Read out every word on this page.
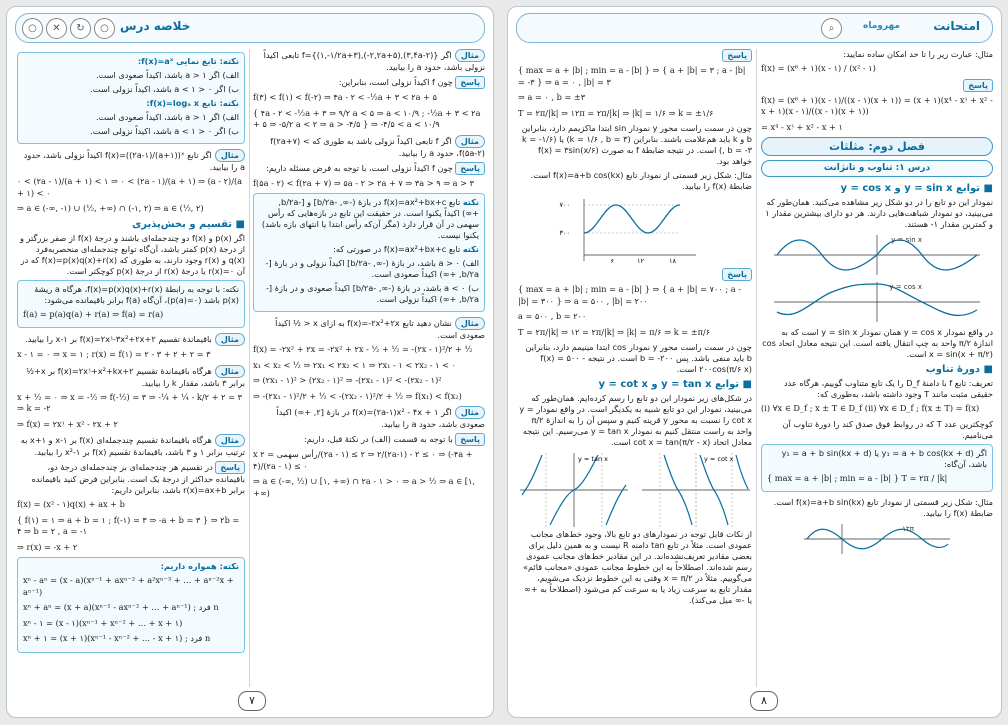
○	✕	↻	○ خلاصه درس

مثالاگر f={(۱,-۱/۲a+۳),(-۲,۲a+۵),(۳,۴a-۲)} تابعی اکیداً نزولی باشد، حدود a را بیابید.

پاسخ چون f اکیداً نزولی است، بنابراین:

f(۳) < f(۱) < f(-۲) ⇒ ۴a - ۲ < -½a + ۳ < ۲a + ۵
{ ۴a - ۲ < -½a + ۳ ⇒ ۹/۲ a < ۵ ⇒ a < ۱۰/۹ ; -½a + ۳ < ۲a + ۵ ⇒ -۵/۲ a < ۲ ⇒ a > -۴/۵ } ⇒ -۴/۵ < a < ۱۰/۹

مثالاگر f تابعی اکیداً نزولی باشد به طوری که f(۲a+۷) < f(۵a-۲)، حدود a را بیابید.

پاسخ چون f اکیداً نزولی است، با توجه به فرض مسئله داریم:

f(۵a - ۲) < f(۲a + ۷) ⇒ ۵a - ۲ > ۲a + ۷ ⇒ ۳a > ۹ ⇒ a > ۳

نکته تابع f(x)=ax²+bx+c در بازهٔ (-∞, -b/۲a] و [-b/۲a, +∞) اکیداً یکنوا است. در حقیقت این تابع در بازه‌هایی که رأس سهمی در آن قرار دارد (مگر آن‌که رأس ابتدا یا انتهای بازه باشد) یکنوا نیست.

نکته تابع f(x)=ax²+bx+c در صورتی که:

الف) a > ۰ باشد، در بازهٔ (-∞, -b/۲a] اکیداً نزولی و در بازهٔ [-b/۲a, +∞) اکیداً صعودی است.

ب) a < ۰ باشد، در بازهٔ (-∞, -b/۲a] اکیداً صعودی و در بازهٔ [-b/۲a, +∞) اکیداً نزولی است.

مثالنشان دهید تابع f(x)=-۲x²+۲x به ازای x < ½ اکیداً صعودی است.

f(x) = -۲x² + ۲x = -۲x² + ۲x - ½ + ½ = -(۲x - ۱)²/۲ + ½
x₁ < x₂ < ½ ⇒ ۲x₁ < ۲x₂ < ۱ ⇒ ۲x₁ - ۱ < ۲x₂ - ۱ < ۰
⇒ (۲x₁ - ۱)² > (۲x₂ - ۱)² ⇒ -(۲x₁ - ۱)² < -(۲x₂ - ۱)²
⇒ -(۲x₁ - ۱)²/۲ + ½ < -(۲x₂ - ۱)²/۲ + ½ ⇒ f(x₁) < f(x₂)

مثالاگر f(x)=(۲a-۱)x² - ۴x + ۱ در بازهٔ [۲, +∞) اکیداً صعودی باشد، حدود a را بیابید.

پاسخ با توجه به قسمت (الف) در نکتهٔ قبل، داریم:

x رأس سهمی = ۲/(۲a - ۱) ≤ ۲ ⇒ ۲/(۲a-۱) - ۲ ≤ ۰ ⇒ (-۴a + ۴)/(۲a - ۱) ≤ ۰
⇒ a ∈ (-∞, ½) ∪ [۱, +∞) ∩ ۲a - ۱ > ۰ ⇒ a > ½ ⇒ a ∈ [۱, +∞)

نکته: تابع نمایی f(x)=aˣ:

الف) اگر a > ۱ باشد، اکیداً صعودی است.

ب) اگر ۰ < a < ۱ باشد، اکیداً نزولی است.

نکته: تابع f(x)=logₐ x:

الف) اگر a > ۱ باشد، اکیداً صعودی است.

ب) اگر ۰ < a < ۱ باشد، اکیداً نزولی است.

مثالاگر تابع f(x)=((۲a-۱)/(a+۱))ˣ اکیداً نزولی باشد، حدود a را بیابید.

۰ < (۲a - ۱)/(a + ۱) < ۱ ⇒ ۰ < (۲a - ۱)/(a + ۱) ⇒ (a - ۲)/(a + ۱) < ۰
⇒ a ∈ (-∞, -۱) ∪ (½, +∞) ∩ (-۱, ۲) ⇒ a ∈ (½, ۲)
■ تقسیم و بخش‌پذیری

اگر p(x) و f(x) دو چندجمله‌ای باشند و درجهٔ f(x) از صفر بزرگتر و از درجهٔ p(x) کمتر باشد، آن‌گاه توابع چندجمله‌ای منحصربه‌فرد q(x) و r(x) وجود دارند، به طوری که f(x)=p(x)q(x)+r(x) که در آن r(x)=۰ یا درجهٔ r(x) از درجهٔ p(x) کوچکتر است.

نکته: با توجه به رابطهٔ f(x)=p(x)q(x)+r(x)، هرگاه a ریشهٔ p(x) باشد (p(a)=۰)، آن‌گاه f(a) برابر باقیمانده می‌شود:

f(a) = p(a)q(a) + r(a) ⇒ f(a) = r(a)

مثالباقیماندهٔ تقسیم f(x)=۲x⁳-۳x²+۲x+۲ بر x-۱ را بیابید.

x - ۱ = ۰ ⇒ x = ۱ ; r(x) = f(۱) = ۲ - ۳ + ۲ + ۲ = ۳

مثالهرگاه باقیماندهٔ تقسیم f(x)=۲x⁳+x²+kx+۲ بر x+½ برابر ۳ باشد، مقدار k را بیابید.

x + ½ = ۰ ⇒ x = -½ ⇒ f(-½) = ۳ ⇒ -¼ + ¼ - k/۲ + ۲ = ۳ ⇒ k = -۲
⇒ f(x) = ۲x⁳ + x² - ۲x + ۲

مثالهرگاه باقیماندهٔ تقسیم چندجمله‌ای f(x) بر x-۱ و x+۱ به ترتیب برابر ۱ و ۳ باشد، باقیماندهٔ تقسیم f(x) بر x²-۱ را بیابید.

پاسخ در تقسیم هر چندجمله‌ای بر چندجمله‌ای درجهٔ دو، باقیمانده حداکثر از درجهٔ یک است. بنابراین فرض کنید باقیمانده برابر r(x)=ax+b باشد، بنابراین داریم:

f(x) = (x² - ۱)q(x) + ax + b
{ f(۱) = ۱ ⇒ a + b = ۱ ; f(-۱) = ۳ ⇒ -a + b = ۳ } ⇒ ۲b = ۴ ⇒ b = ۲ , a = -۱
⇒ r(x) = -x + ۲

نکته: همواره داریم:

xⁿ - aⁿ = (x - a)(xⁿ⁻¹ + axⁿ⁻² + a²xⁿ⁻³ + … + aⁿ⁻²x + aⁿ⁻¹)
xⁿ + aⁿ = (x + a)(xⁿ⁻¹ - axⁿ⁻² + … + aⁿ⁻¹) ; فرد n
xⁿ - ۱ = (x - ۱)(xⁿ⁻¹ + xⁿ⁻² + … + x + ۱)
xⁿ + ۱ = (x + ۱)(xⁿ⁻¹ - xⁿ⁻² + … - x + ۱) ; فرد n
۷
امتحانت
مهروماه
⌕

مثال: عبارت زیر را تا حد امکان ساده نمایید:

f(x) = (x⁶ + ۱)(x - ۱) / (x² - ۱)

پاسخ

f(x) = (x⁶ + ۱)(x - ۱)/((x - ۱)(x + ۱)) = (x + ۱)(x⁴ - x⁳ + x² - x + ۱)(x - ۱)/((x - ۱)(x + ۱))
= x⁴ - x⁳ + x² - x + ۱
فصل دوم: مثلثات
درس ۱: تناوب و تانژانت
■ توابع y = sin x و y = cos x

نمودار این دو تابع را در دو شکل زیر مشاهده می‌کنید. همان‌طور که می‌بینید، دو نمودار شباهت‌هایی دارند. هر دو دارای بیشترین مقدار ۱ و کمترین مقدار ۱- هستند.

y = sin x
y = cos x

در واقع نمودار y = cos x همان نمودار y = sin x است که به اندازهٔ π/۲ واحد به چپ انتقال یافته است. این نتیجه معادل اتحاد cos x = sin(x + π/۲) است.

■ دورهٔ تناوب

تعریف: تابع f با دامنهٔ D_f را یک تابع متناوب گوییم، هرگاه عدد حقیقی مثبت مانند T وجود داشته باشد، به‌طوری که:

(i) ∀x ∈ D_f ; x ± T ∈ D_f (ii) ∀x ∈ D_f ; f(x ± T) = f(x)

کوچکترین عدد T که در روابط فوق صدق کند را دورهٔ تناوب آن می‌نامیم.

اگر y₁ = a + b cos(kx + d) یا y₁ = a + b sin(kx + d) باشد، آن‌گاه:

{ max = a + |b| ; min = a - |b| } T = ۲π / |k|

مثال: شکل زیر قسمتی از نمودار تابع f(x)=a+b sin(kx) است. ضابطهٔ f(x) را بیابید.

۱۲π

پاسخ

{ max = a + |b| ; min = a - |b| } ⇒ { a + |b| = ۳ ; a - |b| = -۳ } ⇒ a = ۰ , |b| = ۳
⇒ a = ۰ , b = ±۳
T = ۲π/|k| ⇒ ۱۲π = ۲π/|k| ⇒ |k| = ۱/۶ ⇒ k = ±۱/۶

چون در سمت راست محور y نمودار sin ابتدا ماکزیمم دارد، بنابراین b و k باید هم‌علامت باشند. بنابراین (k = ۱/۶ , b = ۳) یا (k = -۱/۶ , b = -۳) است. در نتیجه ضابطهٔ f به صورت f(x) = ۳sin(x/۶) خواهد بود.

مثال: شکل زیر قسمتی از نمودار تابع f(x)=a+b cos(kx) است. ضابطهٔ f(x) را بیابید.

۷۰۰
۳۰۰
۶	۱۲	۱۸

پاسخ

{ max = a + |b| ; min = a - |b| } ⇒ { a + |b| = ۷۰۰ ; a - |b| = ۳۰۰ } ⇒ a = ۵۰۰ , |b| = ۲۰۰
a = ۵۰۰ , b = ۲۰۰
T = ۲π/|k| ⇒ ۱۲ = ۲π/|k| ⇒ |k| = π/۶ ⇒ k = ±π/۶

چون در سمت راست محور y نمودار cos ابتدا مینیمم دارد، بنابراین b باید منفی باشد. پس b = -۲۰۰ است. در نتیجه f(x) = ۵۰۰ - ۲۰۰cos(π/۶ x) است.

■ توابع y = tan x و y = cot x

در شکل‌های زیر نمودار این دو تابع را رسم کرده‌ایم. همان‌طور که می‌بینید، نمودار این دو تابع شبیه به یکدیگر است. در واقع نمودار y = cot x را نسبت به محور y قرینه کنیم و سپس آن را به اندازهٔ π/۲ واحد به راست منتقل کنیم به نمودار y = tan x می‌رسیم. این نتیجه معادل اتحاد cot x = tan(π/۲ - x) است.

y = tan x	y = cot x

از نکات قابل توجه در نمودارهای دو تابع بالا، وجود خط‌های مجانب عمودی است. مثلاً در تابع tan دامنه R نیست و به همین دلیل برای بعضی مقادیر تعریف‌نشده‌اند. در این مقادیر خط‌های مجانب عمودی رسم شده‌اند. اصطلاحاً به این خطوط مجانب عمودی «مجانب قائم» می‌گوییم. مثلاً در x = π/۲ وقتی به این خطوط نزدیک می‌شویم، مقدار تابع به سرعت زیاد یا به سرعت کم می‌شود (اصطلاحاً به +∞ یا -∞ میل می‌کند).

۸
